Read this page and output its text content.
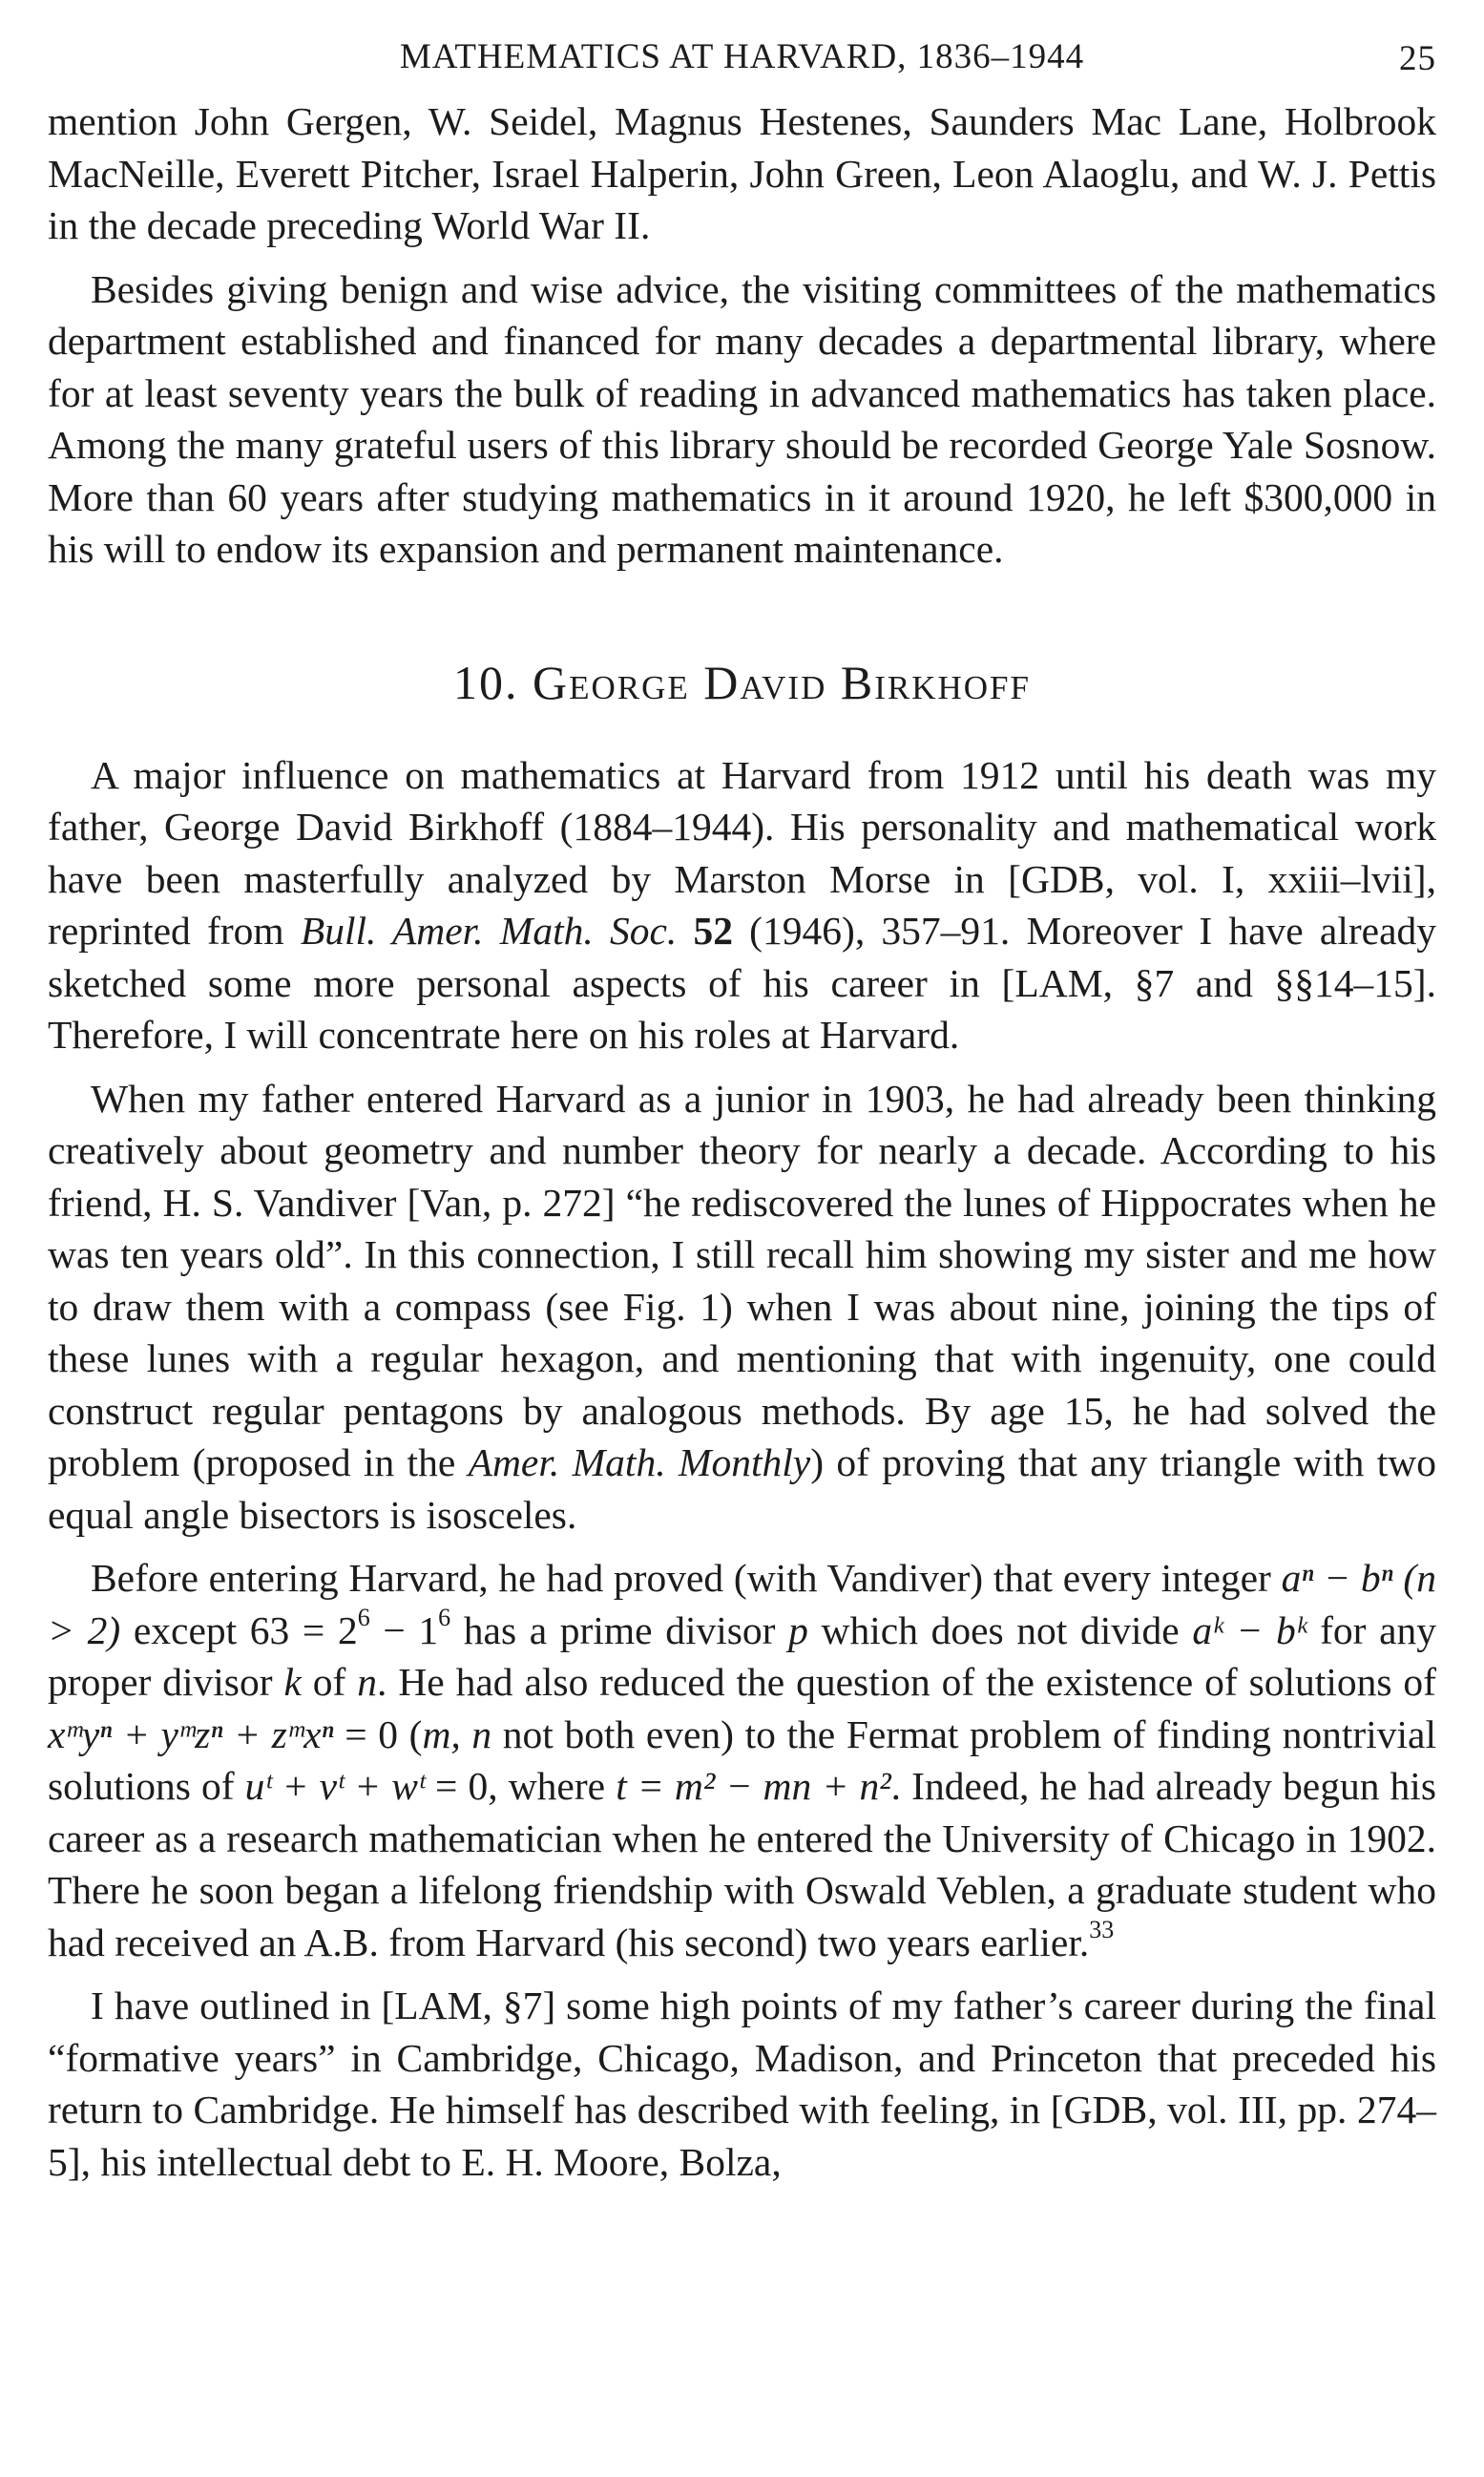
MATHEMATICS AT HARVARD, 1836–1944	25

mention John Gergen, W. Seidel, Magnus Hestenes, Saunders Mac Lane, Holbrook MacNeille, Everett Pitcher, Israel Halperin, John Green, Leon Alaoglu, and W. J. Pettis in the decade preceding World War II.

Besides giving benign and wise advice, the visiting committees of the mathematics department established and financed for many decades a departmental library, where for at least seventy years the bulk of reading in advanced mathematics has taken place. Among the many grateful users of this library should be recorded George Yale Sosnow. More than 60 years after studying mathematics in it around 1920, he left $300,000 in his will to endow its expansion and permanent maintenance.

10. George David Birkhoff

A major influence on mathematics at Harvard from 1912 until his death was my father, George David Birkhoff (1884–1944). His personality and mathematical work have been masterfully analyzed by Marston Morse in [GDB, vol. I, xxiii–lvii], reprinted from Bull. Amer. Math. Soc. 52 (1946), 357–91. Moreover I have already sketched some more personal aspects of his career in [LAM, §7 and §§14–15]. Therefore, I will concentrate here on his roles at Harvard.

When my father entered Harvard as a junior in 1903, he had already been thinking creatively about geometry and number theory for nearly a decade. According to his friend, H. S. Vandiver [Van, p. 272] “he rediscovered the lunes of Hippocrates when he was ten years old”. In this connection, I still recall him showing my sister and me how to draw them with a compass (see Fig. 1) when I was about nine, joining the tips of these lunes with a regular hexagon, and mentioning that with ingenuity, one could construct regular pentagons by analogous methods. By age 15, he had solved the problem (proposed in the Amer. Math. Monthly) of proving that any triangle with two equal angle bisectors is isosceles.

Before entering Harvard, he had proved (with Vandiver) that every integer aⁿ − bⁿ (n > 2) except $63 = 2^6 - 1^6$ has a prime divisor p which does not divide aᵏ − bᵏ for any proper divisor k of n. He had also reduced the question of the existence of solutions of xᵐyⁿ + yᵐzⁿ + zᵐxⁿ = 0 (m, n not both even) to the Fermat problem of finding nontrivial solutions of uᵗ + vᵗ + wᵗ = 0, where t = m² − mn + n². Indeed, he had already begun his career as a research mathematician when he entered the University of Chicago in 1902. There he soon began a lifelong friendship with Oswald Veblen, a graduate student who had received an A.B. from Harvard (his second) two years earlier.$^{33}$

I have outlined in [LAM, §7] some high points of my father’s career during the final “formative years” in Cambridge, Chicago, Madison, and Princeton that preceded his return to Cambridge. He himself has described with feeling, in [GDB, vol. III, pp. 274–5], his intellectual debt to E. H. Moore, Bolza,
